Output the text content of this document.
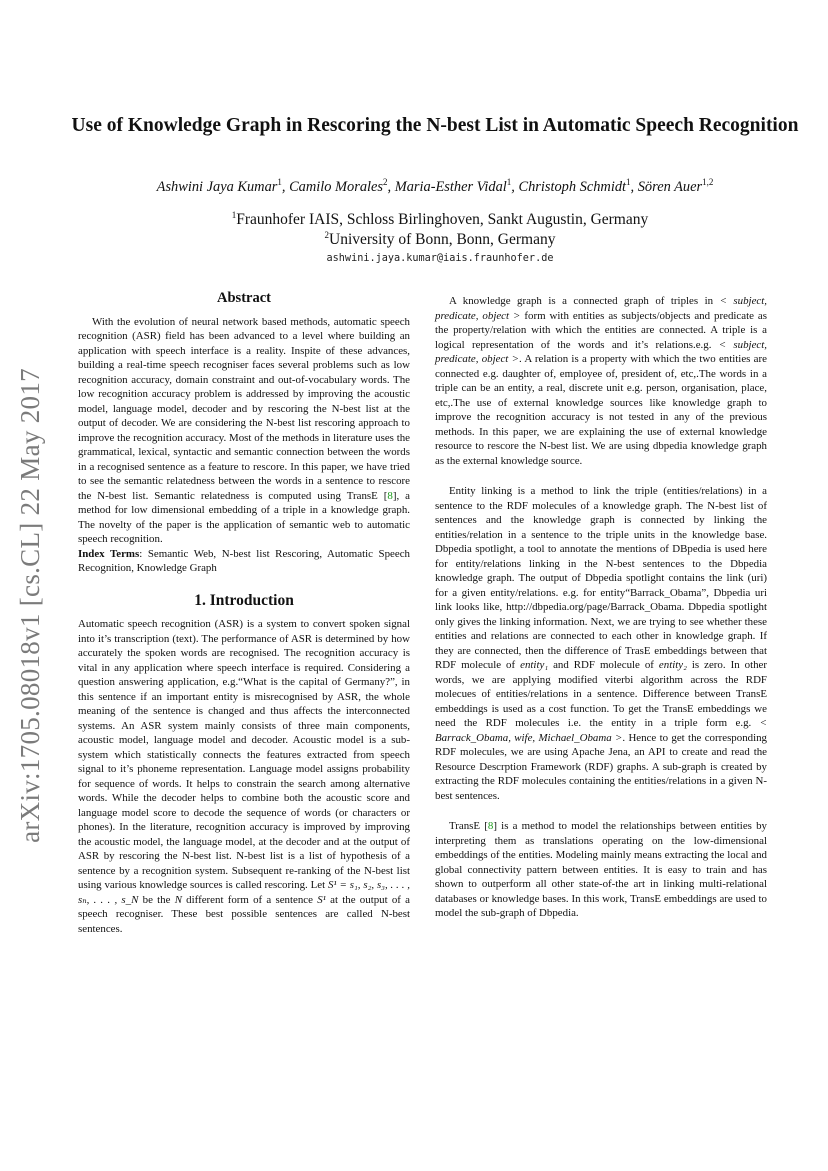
arXiv:1705.08018v1 [cs.CL] 22 May 2017
Use of Knowledge Graph in Rescoring the N-best List in Automatic Speech Recognition
Ashwini Jaya Kumar$^1$, Camilo Morales$^2$, Maria-Esther Vidal$^1$, Christoph Schmidt$^1$, Sören Auer$^{1,2}$
$^1$Fraunhofer IAIS, Schloss Birlinghoven, Sankt Augustin, Germany
$^2$University of Bonn, Bonn, Germany
ashwini.jaya.kumar@iais.fraunhofer.de
Abstract

With the evolution of neural network based methods, automatic speech recognition (ASR) field has been advanced to a level where building an application with speech interface is a reality. Inspite of these advances, building a real-time speech recogniser faces several problems such as low recognition accuracy, domain constraint and out-of-vocabulary words. The low recognition accuracy problem is addressed by improving the acoustic model, language model, decoder and by rescoring the N-best list at the output of decoder. We are considering the N-best list rescoring approach to improve the recognition accuracy. Most of the methods in literature uses the grammatical, lexical, syntactic and semantic connection between the words in a recognised sentence as a feature to rescore. In this paper, we have tried to see the semantic relatedness between the words in a sentence to rescore the N-best list. Semantic relatedness is computed using TransE [8], a method for low dimensional embedding of a triple in a knowledge graph. The novelty of the paper is the application of semantic web to automatic speech recognition.

Index Terms: Semantic Web, N-best list Rescoring, Automatic Speech Recognition, Knowledge Graph

1. Introduction

Automatic speech recognition (ASR) is a system to convert spoken signal into it’s transcription (text). The performance of ASR is determined by how accurately the spoken words are recognised. The recognition accuracy is vital in any application where speech interface is required. Considering a question answering application, e.g.“What is the capital of Germany?”, in this sentence if an important entity is misrecognised by ASR, the whole meaning of the sentence is changed and thus affects the interconnected systems. An ASR system mainly consists of three main components, acoustic model, language model and decoder. Acoustic model is a sub-system which statistically connects the features extracted from speech signal to it’s phoneme representation. Language model assigns probability for sequence of words. It helps to constrain the search among alternative words. While the decoder helps to combine both the acoustic score and language model score to decode the sequence of words (or characters or phones). In the literature, recognition accuracy is improved by improving the acoustic model, the language model, at the decoder and at the output of ASR by rescoring the N-best list. N-best list is a list of hypothesis of a sentence by a recognition system. Subsequent re-ranking of the N-best list using various knowledge sources is called rescoring. Let S¹ = s₁, s₂, s₃, . . . , sₙ, . . . , s_N be the N different form of a sentence S¹ at the output of a speech recogniser. These best possible sentences are called N-best sentences.

A knowledge graph is a connected graph of triples in < subject, predicate, object > form with entities as subjects/objects and predicate as the property/relation with which the entities are connected. A triple is a logical representation of the words and it’s relations.e.g. < subject, predicate, object >. A relation is a property with which the two entities are connected e.g. daughter of, employee of, president of, etc,.The words in a triple can be an entity, a real, discrete unit e.g. person, organisation, place, etc,.The use of external knowledge sources like knowledge graph to improve the recognition accuracy is not tested in any of the previous methods. In this paper, we are explaining the use of external knowledge resource to rescore the N-best list. We are using dbpedia knowledge graph as the external knowledge source.

Entity linking is a method to link the triple (entities/relations) in a sentence to the RDF molecules of a knowledge graph. The N-best list of sentences and the knowledge graph is connected by linking the entities/relation in a sentence to the triple units in the knowledge base. Dbpedia spotlight, a tool to annotate the mentions of DBpedia is used here for entity/relations linking in the N-best sentences to the Dbpedia knowledge graph. The output of Dbpedia spotlight contains the link (uri) for a given entity/relations. e.g. for entity“Barrack_Obama”, Dbpedia uri link looks like, http://dbpedia.org/page/Barrack_Obama. Dbpedia spotlight only gives the linking information. Next, we are trying to see whether these entities and relations are connected to each other in knowledge graph. If they are connected, then the difference of TrasE embeddings between that RDF molecule of entity₁ and RDF molecule of entity₂ is zero. In other words, we are applying modified viterbi algorithm across the RDF molecues of entities/relations in a sentence. Difference between TransE embeddings is used as a cost function. To get the TransE embeddings we need the RDF molecules i.e. the entity in a triple form e.g. < Barrack_Obama, wife, Michael_Obama >. Hence to get the corresponding RDF molecules, we are using Apache Jena, an API to create and read the Resource Descrption Framework (RDF) graphs. A sub-graph is created by extracting the RDF molecules containing the entities/relations in a given N-best sentences.

TransE [8] is a method to model the relationships between entities by interpreting them as translations operating on the low-dimensional embeddings of the entities. Modeling mainly means extracting the local and global connectivity pattern between entities. It is easy to train and has shown to outperform all other state-of-the art in linking multi-relational databases or knowledge bases. In this work, TransE embeddings are used to model the sub-graph of Dbpedia.
